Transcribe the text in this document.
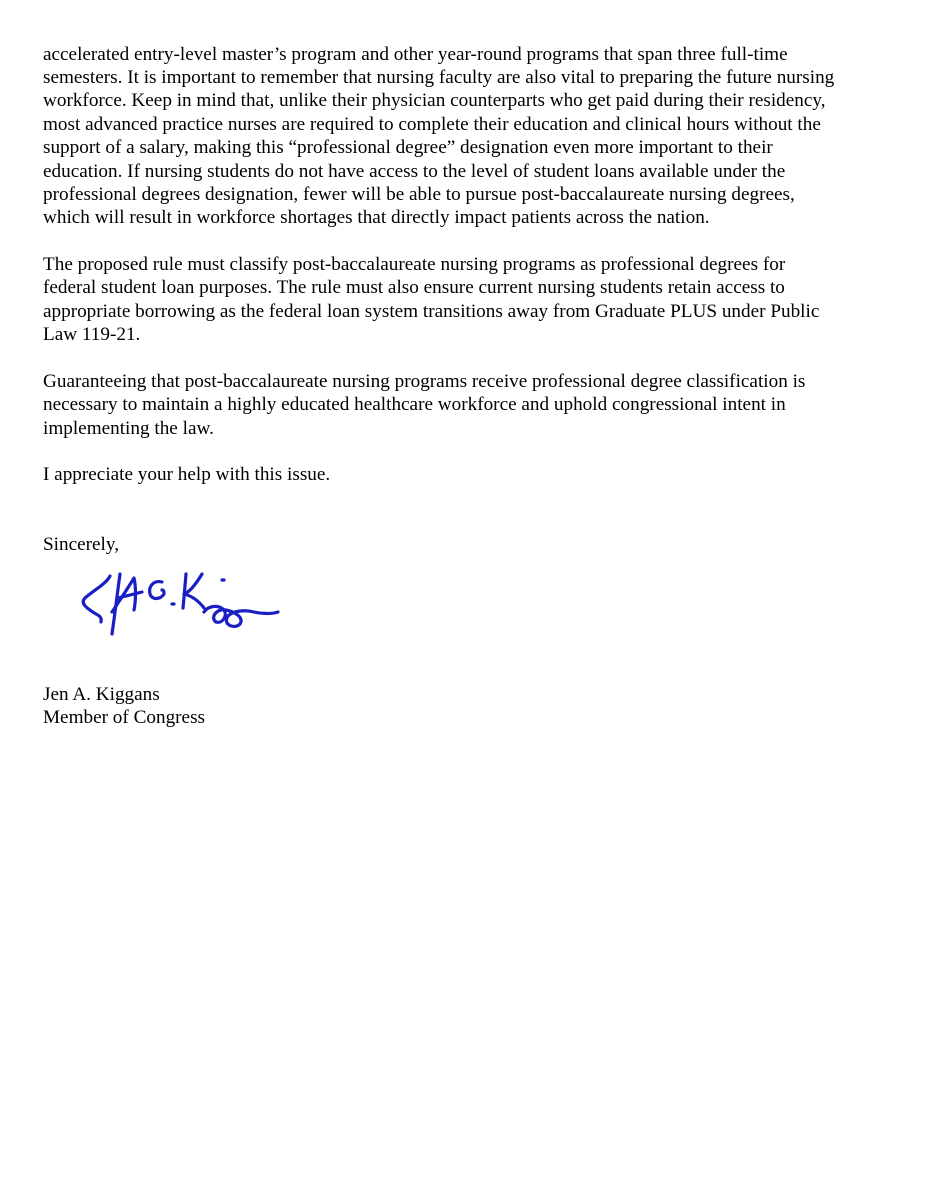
accelerated entry-level master’s program and other year-round programs that span three full-time

semesters. It is important to remember that nursing faculty are also vital to preparing the future nursing

workforce. Keep in mind that, unlike their physician counterparts who get paid during their residency,

most advanced practice nurses are required to complete their education and clinical hours without the

support of a salary, making this “professional degree” designation even more important to their

education. If nursing students do not have access to the level of student loans available under the

professional degrees designation, fewer will be able to pursue post-baccalaureate nursing degrees,

which will result in workforce shortages that directly impact patients across the nation.

The proposed rule must classify post-baccalaureate nursing programs as professional degrees for

federal student loan purposes. The rule must also ensure current nursing students retain access to

appropriate borrowing as the federal loan system transitions away from Graduate PLUS under Public

Law 119-21.

Guaranteeing that post-baccalaureate nursing programs receive professional degree classification is

necessary to maintain a highly educated healthcare workforce and uphold congressional intent in

implementing the law.

I appreciate your help with this issue.

Sincerely,

Jen A. Kiggans

Member of Congress
